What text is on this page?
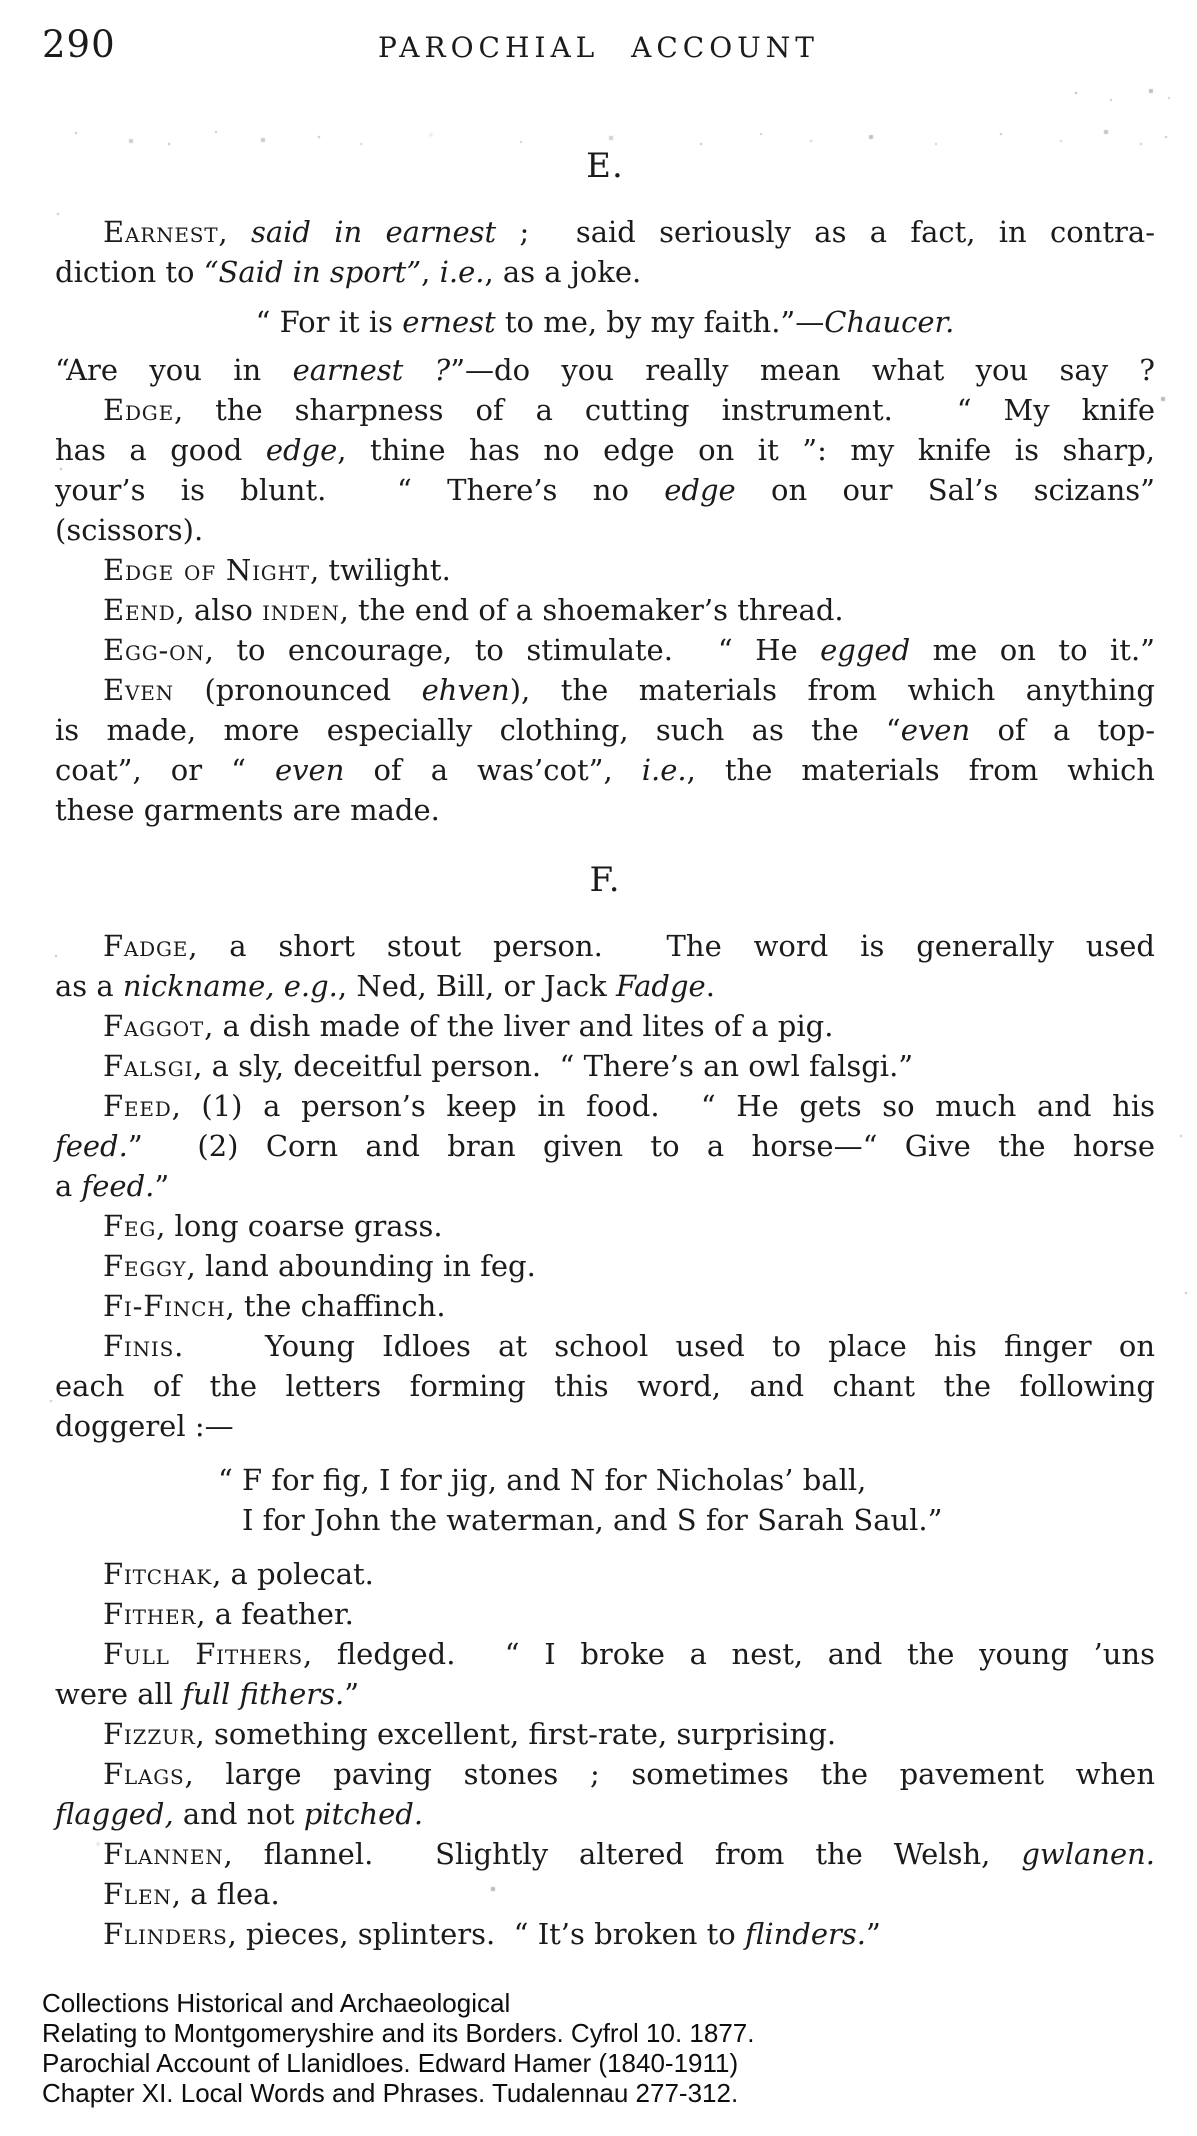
290	PAROCHIAL ACCOUNT
E.
Earnest, said in earnest ;  said seriously as a fact, in contra-
diction to “Said in sport”, i.e., as a joke.
“ For it is ernest to me, by my faith.”—Chaucer.
“Are you in earnest ?”—do you really mean what you say ?
Edge, the sharpness of a cutting instrument.  “ My knife
has a good edge, thine has no edge on it ”: my knife is sharp,
your’s is blunt.  “ There’s no edge on our Sal’s scizans”
(scissors).
Edge of Night, twilight.
Eend, also inden, the end of a shoemaker’s thread.
Egg-on, to encourage, to stimulate.  “ He egged me on to it.”
Even (pronounced ehven), the materials from which anything
is made, more especially clothing, such as the “even of a top-
coat”, or “ even of a was’cot”, i.e., the materials from which
these garments are made.
F.
Fadge, a short stout person.  The word is generally used
as a nickname, e.g., Ned, Bill, or Jack Fadge.
Faggot, a dish made of the liver and lites of a pig.
Falsgi, a sly, deceitful person.  “ There’s an owl falsgi.”
Feed, (1) a person’s keep in food.  “ He gets so much and his
feed.”  (2) Corn and bran given to a horse—“ Give the horse
a feed.”
Feg, long coarse grass.
Feggy, land abounding in feg.
Fi-Finch, the chaffinch.
Finis.   Young Idloes at school used to place his finger on
each of the letters forming this word, and chant the following
doggerel :—
“ F for fig, I for jig, and N for Nicholas’ ball,
I for John the waterman, and S for Sarah Saul.”
Fitchak, a polecat.
Fither, a feather.
Full Fithers, fledged.  “ I broke a nest, and the young ’uns
were all full fithers.”
Fizzur, something excellent, first-rate, surprising.
Flags, large paving stones ; sometimes the pavement when
flagged, and not pitched.
Flannen, flannel.  Slightly altered from the Welsh, gwlanen.
Flen, a flea.
Flinders, pieces, splinters.  “ It’s broken to flinders.”
Collections Historical and Archaeological
Relating to Montgomeryshire and its Borders. Cyfrol 10. 1877.
Parochial Account of Llanidloes. Edward Hamer (1840-1911)
Chapter XI. Local Words and Phrases. Tudalennau 277-312.
